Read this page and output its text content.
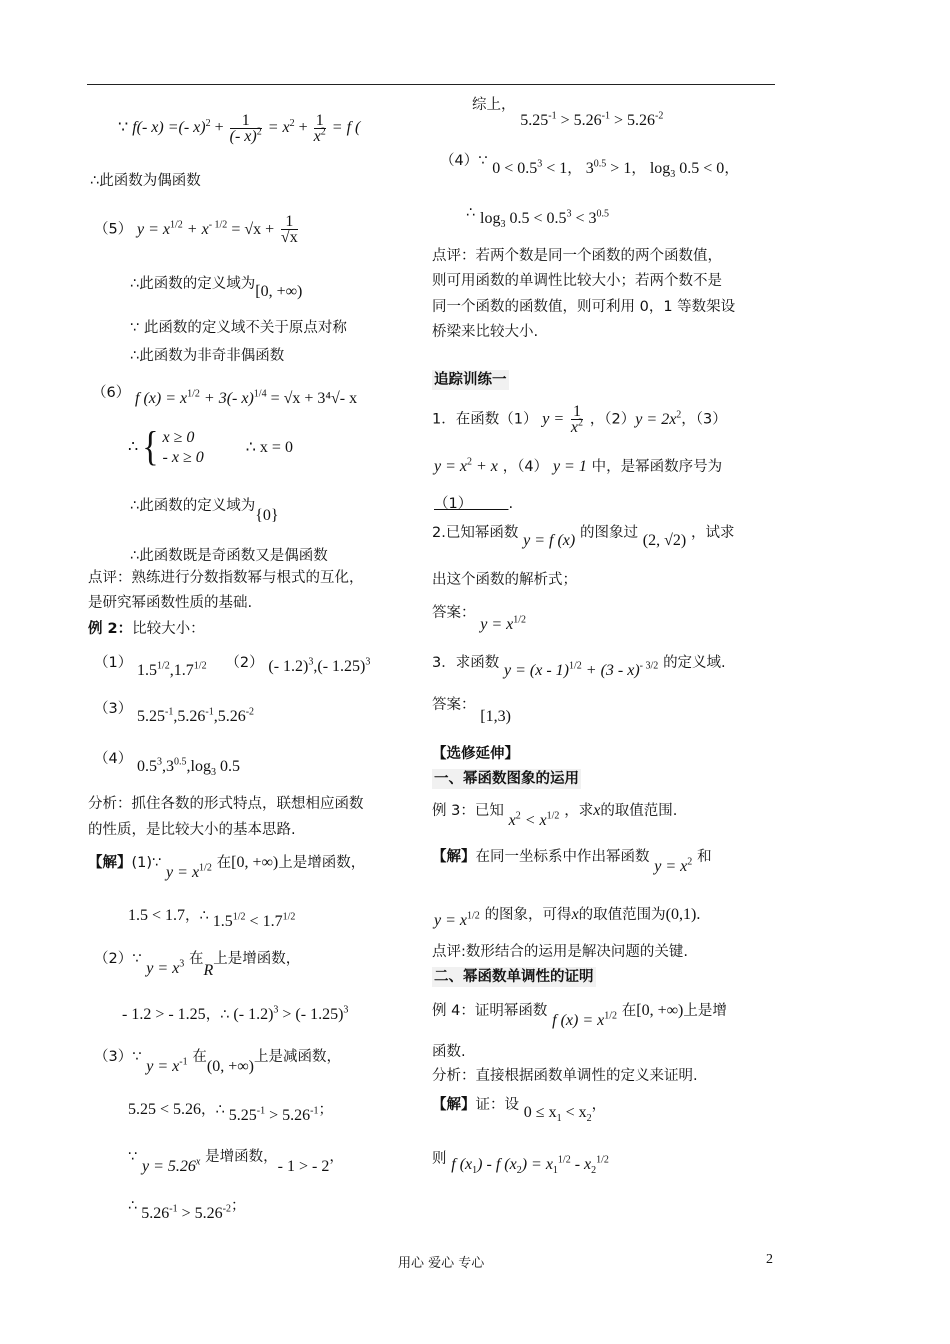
∵ f(- x) =(- $x)^2 + \frac{1}{(- x)^2} = x^2 + \frac{1}{x^2} = f$ (
∴此函数为偶函数
（5） $y = x^{1/2} + x^{- 1/2} = √x + \frac{1}{√x}$
∴此函数的定义域为[0, +∞)
∵ 此函数的定义域不关于原点对称
∴此函数为非奇非偶函数
（6） f $(x) = x^{1/2} + 3(-$ x)$^{1/4}$ = √x + 3⁴√- x
∴ { x ≥ 0
- x ≥ 0 ∴ x = 0
∴此函数的定义域为{0}
∴此函数既是奇函数又是偶函数
点评：熟练进行分数指数幂与根式的互化，
是研究幂函数性质的基础.
例 2：比较大小：
（1） $1.5^{1/2},1.7^{1/2}$ （2） (- 1.2)$^3$,(- 1.25)$^3$
（3） $5.25^{-1},5.26^{-1},5.26^{-2}$
（4） $0.5^3,3^{0.5},\log_3$ 0.5
分析：抓住各数的形式特点，联想相应函数
的性质，是比较大小的基本思路.
【解】(1)∵ $y = x^{1/2}$ 在[0, +∞)上是增函数，
1.5 < 1.7，∴ $1.5^{1/2} < 1.7^{1/2}$
（2）∵ $y = x^3$ 在R上是增函数，
- 1.2 > - 1.25，∴ (- 1.2)$^3$ > (- 1.25)$^3$
（3）∵ $y = x^{-1}$ 在(0, +∞)上是减函数，
5.25 < 5.26，∴ $5.25^{-1} > 5.26^{-1}$；
∵ $y = 5.26^x$ 是增函数，- 1 > - 2，
∴ $5.26^{-1} > 5.26^{-2}$；
综上， $5.25^{-1} > 5.26^{-1} > 5.26^{-2}$
（4）∵ $0 < 0.5^3 < 1$， $3^{0.5} > 1$， $\log_3 0.5 < 0$，
∴ $\log_3 0.5 < 0.5^3 < 3^{0.5}$
点评：若两个数是同一个函数的两个函数值，
则可用函数的单调性比较大小；若两个数不是
同一个函数的函数值，则可利用 0，1 等数架设
桥梁来比较大小.
追踪训练一
1．在函数（1） $y = \frac{1}{x^2}$ ，$(2)y = 2x^2$，（3）
$y = x^2 + x$ ，（4） y = 1 中，是幂函数序号为
（1）　　　	.
2.已知幂函数 y = f (x) 的图象过 (2, √2) ，试求
出这个函数的解析式；
答案： $y = x^{1/2}$
3．求函数 y = (x - 1)$^{1/2}$ + (3 - x)$^{- 3/2}$ 的定义域.
答案： [1,3)
【选修延伸】
一、幂函数图象的运用
例 3：已知 $x^2 < x^{1/2}$ ，求x的取值范围.
【解】在同一坐标系中作出幂函数 $y = x^2$ 和
$y = x^{1/2}$ 的图象，可得x的取值范围为(0,1).
点评:数形结合的运用是解决问题的关键.
二、幂函数单调性的证明
例 4：证明幂函数 f $(x) = x^{1/2}$ 在[0, +∞)上是增
函数.
分析：直接根据函数单调性的定义来证明.
【解】证：设 $0 \le x_1 < x_2$，
则 f $(x_1)$ - f $(x_2) = x_1^{1/2} - x_2^{1/2}$
用心 爱心 专心	2
